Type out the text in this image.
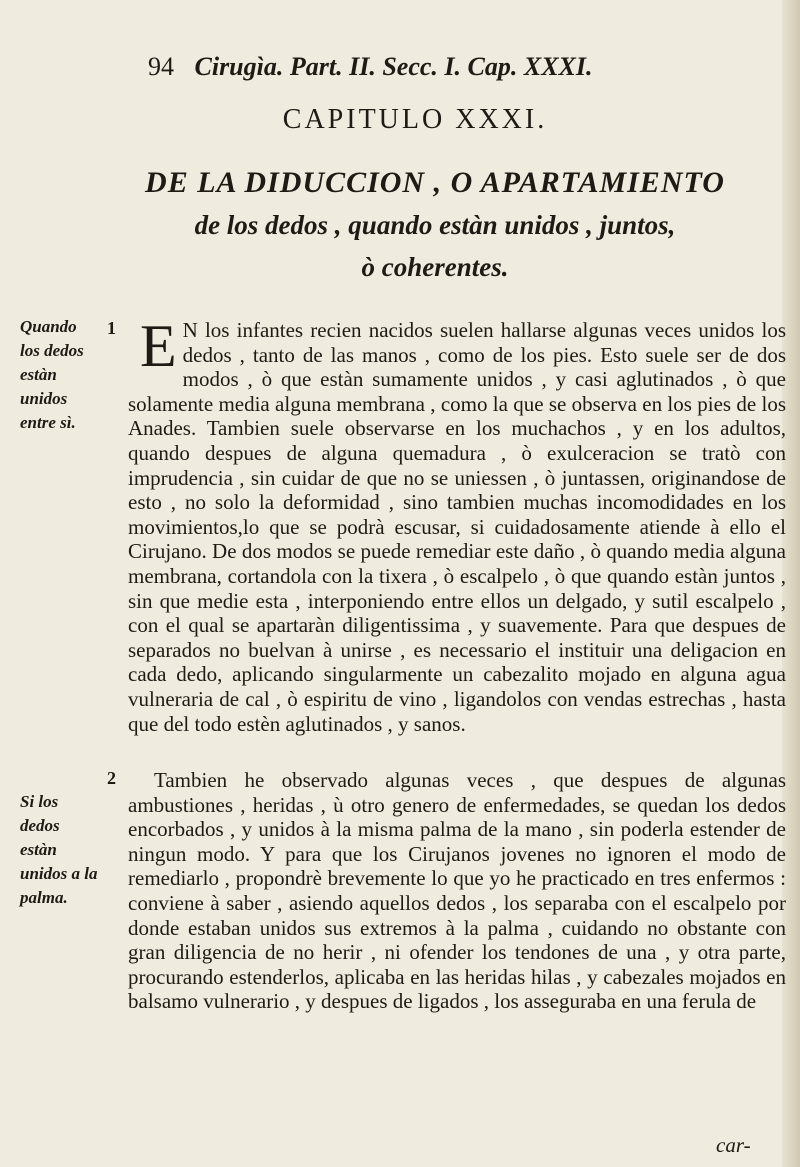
94 Cirugìa. Part. II. Secc. I. Cap. XXXI.
CAPITULO XXXI.
DE LA DIDUCCION , O APARTAMIENTO
de los dedos , quando estàn unidos , juntos,
ò coherentes.
Quando los dedos estàn unidos entre sì.
Si los dedos estàn unidos a la palma.
1 E N los infantes recien nacidos suelen hallarse algunas veces unidos los dedos , tanto de las manos , como de los pies. Esto suele ser de dos modos , ò que estàn sumamente unidos , y casi aglutinados , ò que solamente media alguna membrana , como la que se observa en los pies de los Anades. Tambien suele observarse en los muchachos , y en los adultos, quando despues de alguna quemadura , ò exulceracion se tratò con imprudencia , sin cuidar de que no se uniessen , ò juntassen, originandose de esto , no solo la deformidad , sino tambien muchas incomodidades en los movimientos,lo que se podrà escusar, si cuidadosamente atiende à ello el Cirujano. De dos modos se puede remediar este daño , ò quando media alguna membrana, cortandola con la tixera , ò escalpelo , ò que quando estàn juntos , sin que medie esta , interponiendo entre ellos un delgado, y sutil escalpelo , con el qual se apartaràn diligentissima , y suavemente. Para que despues de separados no buelvan à unirse , es necessario el instituir una deligacion en cada dedo, aplicando singularmente un cabezalito mojado en alguna agua vulneraria de cal , ò espiritu de vino , ligandolos con vendas estrechas , hasta que del todo estèn aglutinados , y sanos.
2	Tambien he observado algunas veces , que despues de algunas ambustiones , heridas , ù otro genero de enfermedades, se quedan los dedos encorbados , y unidos à la misma palma de la mano , sin poderla estender de ningun modo. Y para que los Cirujanos jovenes no ignoren el modo de remediarlo , propondrè brevemente lo que yo he practicado en tres enfermos : conviene à saber , asiendo aquellos dedos , los separaba con el escalpelo por donde estaban unidos sus extremos à la palma , cuidando no obstante con gran diligencia de no herir , ni ofender los tendones de una , y otra parte, procurando estenderlos, aplicaba en las heridas hilas , y cabezales mojados en balsamo vulnerario , y despues de ligados , los asseguraba en una ferula de
car-
